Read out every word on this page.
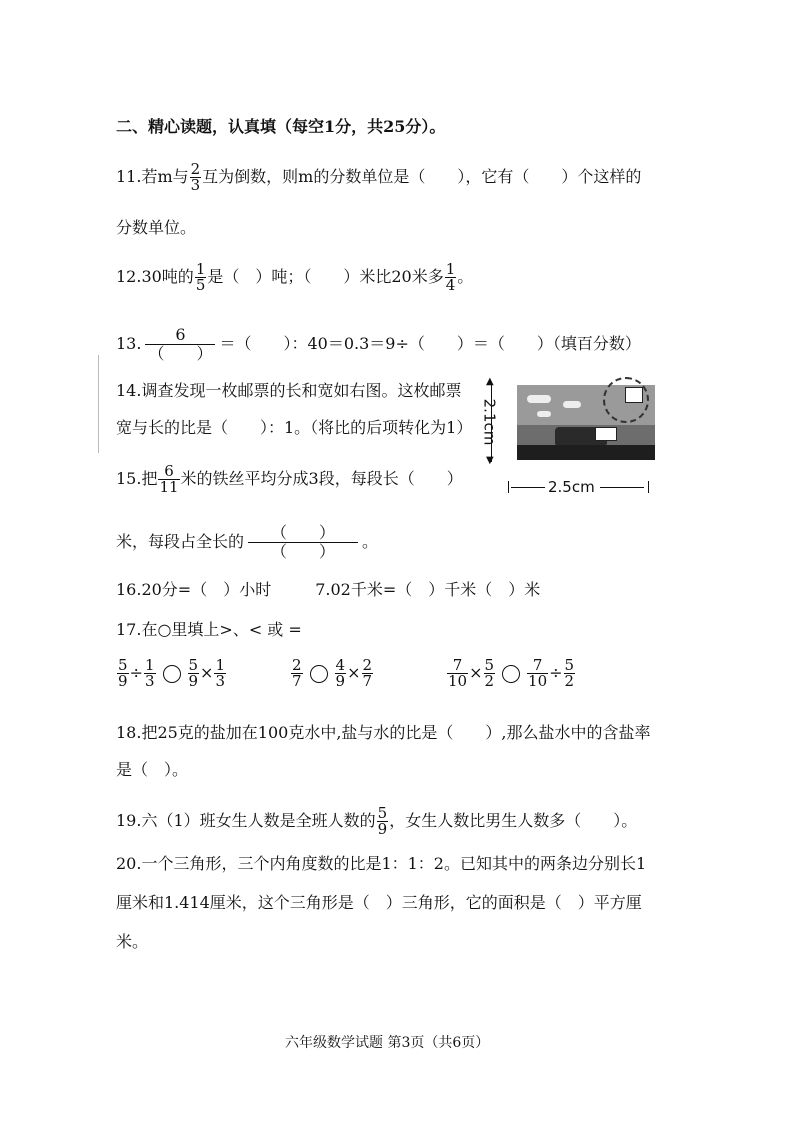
二、精心读题，认真填（每空1分，共25分）。
11.若m与 $\frac{2}{3}$ 互为倒数，则m的分数单位是（　　），它有（　　）个这样的
分数单位。
12.30吨的 $\frac{1}{5}$ 是（　）吨；（　　）米比20米多 $\frac{1}{4}$ 。
13.	6
（　　）
＝（　　）：40＝0.3＝9÷（　　）＝（　　）（填百分数）
14.调查发现一枚邮票的长和宽如右图。这枚邮票
宽与长的比是（　　）：1。（将比的后项转化为1）
15.把 $\frac{6}{11}$ 米的铁丝平均分成3段，每段长（　　）
米，每段占全长的	（　　）
（　　）
。
16.20分=（　）小时	7.02千米=（　）千米（　）米
17.在○里填上>、< 或 =
$\frac{5}{9} \div \frac{1}{3} \frac{5}{9} \times \frac{1}{3}$	$\frac{2}{7} \frac{4}{9} \times \frac{2}{7}$	$\frac{7}{10} \times \frac{5}{2} \frac{7}{10} \div \frac{5}{2}$
18.把25克的盐加在100克水中,盐与水的比是（　　）,那么盐水中的含盐率
是（　）。
19.六（1）班女生人数是全班人数的 $\frac{5}{9}$ ，女生人数比男生人数多（　　）。
20.一个三角形，三个内角度数的比是1：1：2。已知其中的两条边分别长1
厘米和1.414厘米，这个三角形是（　）三角形，它的面积是（　）平方厘
米。
▲
▼
2.1cm
2.5cm
六年级数学试题 第3页（共6页）
